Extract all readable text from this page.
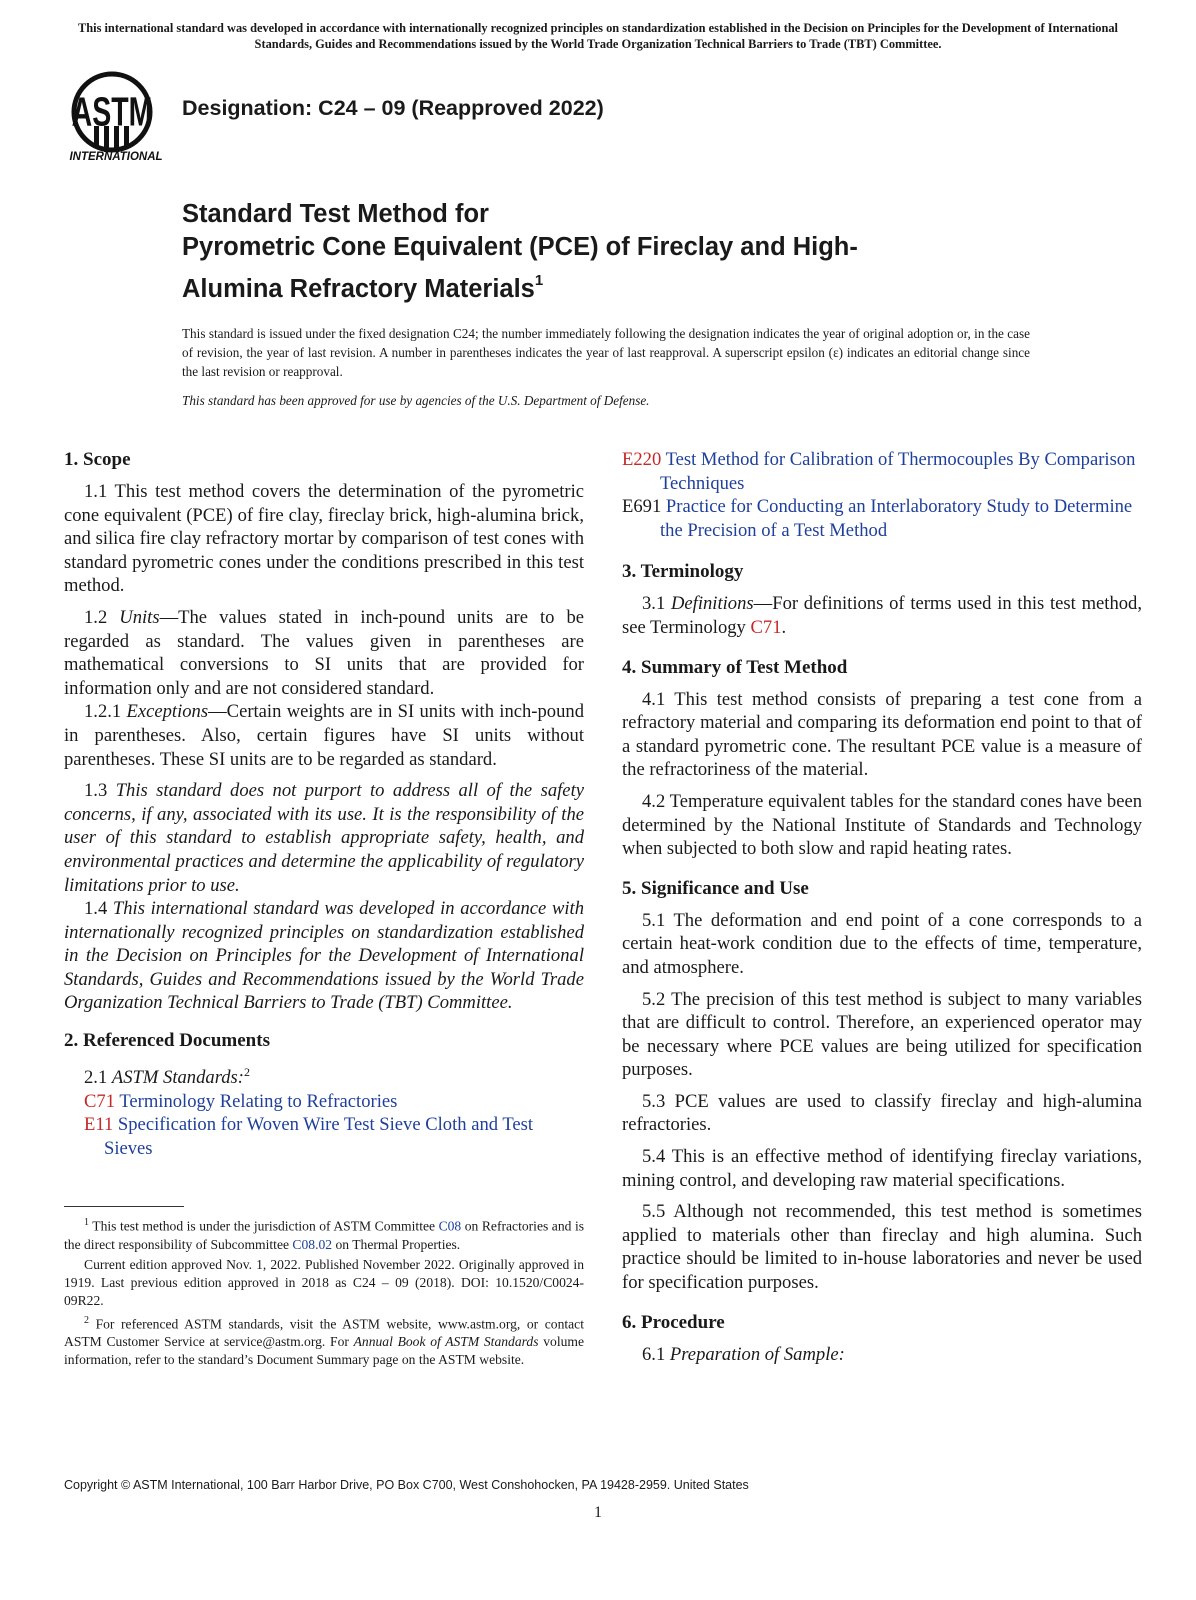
This international standard was developed in accordance with internationally recognized principles on standardization established in the Decision on Principles for the Development of International Standards, Guides and Recommendations issued by the World Trade Organization Technical Barriers to Trade (TBT) Committee.
ASTM
INTERNATIONAL
Designation: C24 – 09 (Reapproved 2022)
Standard Test Method for
Pyrometric Cone Equivalent (PCE) of Fireclay and High-
Alumina Refractory Materials$^1$
This standard is issued under the fixed designation C24; the number immediately following the designation indicates the year of original adoption or, in the case of revision, the year of last revision. A number in parentheses indicates the year of last reapproval. A superscript epsilon (ε) indicates an editorial change since the last revision or reapproval.
This standard has been approved for use by agencies of the U.S. Department of Defense.
1. Scope

1.1 This test method covers the determination of the pyrometric cone equivalent (PCE) of fire clay, fireclay brick, high-alumina brick, and silica fire clay refractory mortar by comparison of test cones with standard pyrometric cones under the conditions prescribed in this test method.

1.2 Units—The values stated in inch-pound units are to be regarded as standard. The values given in parentheses are mathematical conversions to SI units that are provided for information only and are not considered standard.

1.2.1 Exceptions—Certain weights are in SI units with inch-pound in parentheses. Also, certain figures have SI units without parentheses. These SI units are to be regarded as standard.

1.3 This standard does not purport to address all of the safety concerns, if any, associated with its use. It is the responsibility of the user of this standard to establish appropriate safety, health, and environmental practices and determine the applicability of regulatory limitations prior to use.

1.4 This international standard was developed in accordance with internationally recognized principles on standardization established in the Decision on Principles for the Development of International Standards, Guides and Recommendations issued by the World Trade Organization Technical Barriers to Trade (TBT) Committee.

2. Referenced Documents

2.1 ASTM Standards:$^2$

C71 Terminology Relating to Refractories
E11 Specification for Woven Wire Test Sieve Cloth and Test Sieves

$^1$ This test method is under the jurisdiction of ASTM Committee C08 on Refractories and is the direct responsibility of Subcommittee C08.02 on Thermal Properties.

Current edition approved Nov. 1, 2022. Published November 2022. Originally approved in 1919. Last previous edition approved in 2018 as C24 – 09 (2018). DOI: 10.1520/C0024-09R22.

$^2$ For referenced ASTM standards, visit the ASTM website, www.astm.org, or contact ASTM Customer Service at service@astm.org. For Annual Book of ASTM Standards volume information, refer to the standard’s Document Summary page on the ASTM website.

E220 Test Method for Calibration of Thermocouples By Comparison Techniques
E691 Practice for Conducting an Interlaboratory Study to Determine the Precision of a Test Method
3. Terminology

3.1 Definitions—For definitions of terms used in this test method, see Terminology C71.

4. Summary of Test Method

4.1 This test method consists of preparing a test cone from a refractory material and comparing its deformation end point to that of a standard pyrometric cone. The resultant PCE value is a measure of the refractoriness of the material.

4.2 Temperature equivalent tables for the standard cones have been determined by the National Institute of Standards and Technology when subjected to both slow and rapid heating rates.

5. Significance and Use

5.1 The deformation and end point of a cone corresponds to a certain heat-work condition due to the effects of time, temperature, and atmosphere.

5.2 The precision of this test method is subject to many variables that are difficult to control. Therefore, an experienced operator may be necessary where PCE values are being utilized for specification purposes.

5.3 PCE values are used to classify fireclay and high-alumina refractories.

5.4 This is an effective method of identifying fireclay variations, mining control, and developing raw material specifications.

5.5 Although not recommended, this test method is sometimes applied to materials other than fireclay and high alumina. Such practice should be limited to in-house laboratories and never be used for specification purposes.

6. Procedure

6.1 Preparation of Sample:

Copyright © ASTM International, 100 Barr Harbor Drive, PO Box C700, West Conshohocken, PA 19428-2959. United States
1
